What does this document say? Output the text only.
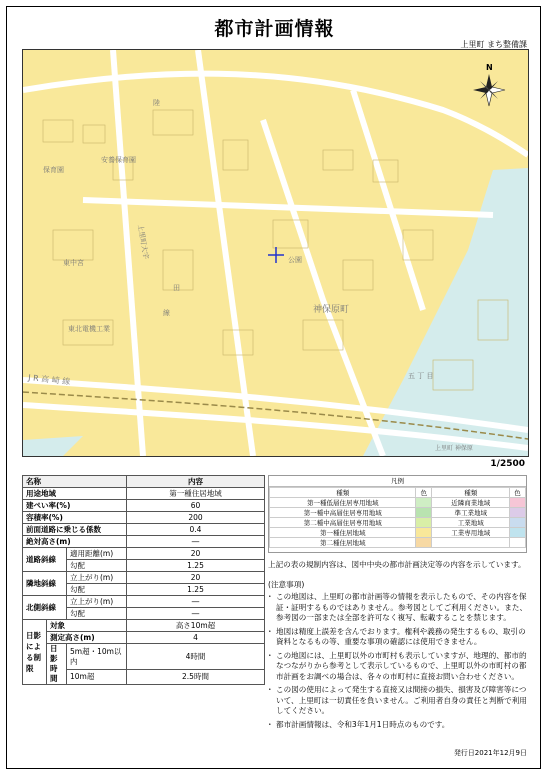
都市計画情報
上里町 まち整備課
安養保育園
保育園
東中宮
上里町大字
神保原町
東北電機工業
J R 高 崎 線	五 丁 目
上里町 神保原
陸
線
田
公園
N
1/2500
名称			内容
用途地域			第一種住居地域
建ぺい率(%)			60
容積率(%)			200
前面道路に乗じる係数			0.4
絶対高さ(m)			―
道路斜線		適用距離(m)	20
		勾配	1.25
隣地斜線		立上がり(m)	20
		勾配	1.25
北側斜線		立上がり(m)	―
		勾配	―
日影による制限	対象		高さ10m超
	測定高さ(m)		4
	日影時間	5m超・10m以内	4時間
		10m超	2.5時間
凡例
種類	色	種類	色
第一種低層住居専用地域		近隣商業地域	
第一種中高層住居専用地域		準工業地域	
第二種中高層住居専用地域		工業地域	
第一種住居地域		工業専用地域	
第二種住居地域			

上記の表の規制内容は、図中中央の都市計画決定等の内容を示しています。

(注意事項)

・ この地図は、上里町の都市計画等の情報を表示したもので、その内容を保証・証明するものではありません。参考図としてご利用ください。また、参考図の一部または全部を許可なく複写、転載することを禁じます。
・ 地図は精度上誤差を含んでおります。権利や義務の発生するもの、取引の資料となるもの等、重要な事項の確認には使用できません。
・ この地図には、上里町以外の市町村も表示していますが、地理的、都市的なつながりから参考として表示しているもので、上里町以外の市町村の都市計画をお調べの場合は、各々の市町村に直接お問い合わせください。
・ この図の使用によって発生する直接又は間接の損失、損害及び障害等について、上里町は一切責任を負いません。ご利用者自身の責任と判断で利用してください。
・ 都市計画情報は、令和3年1月1日時点のものです。
発行日2021年12月9日
